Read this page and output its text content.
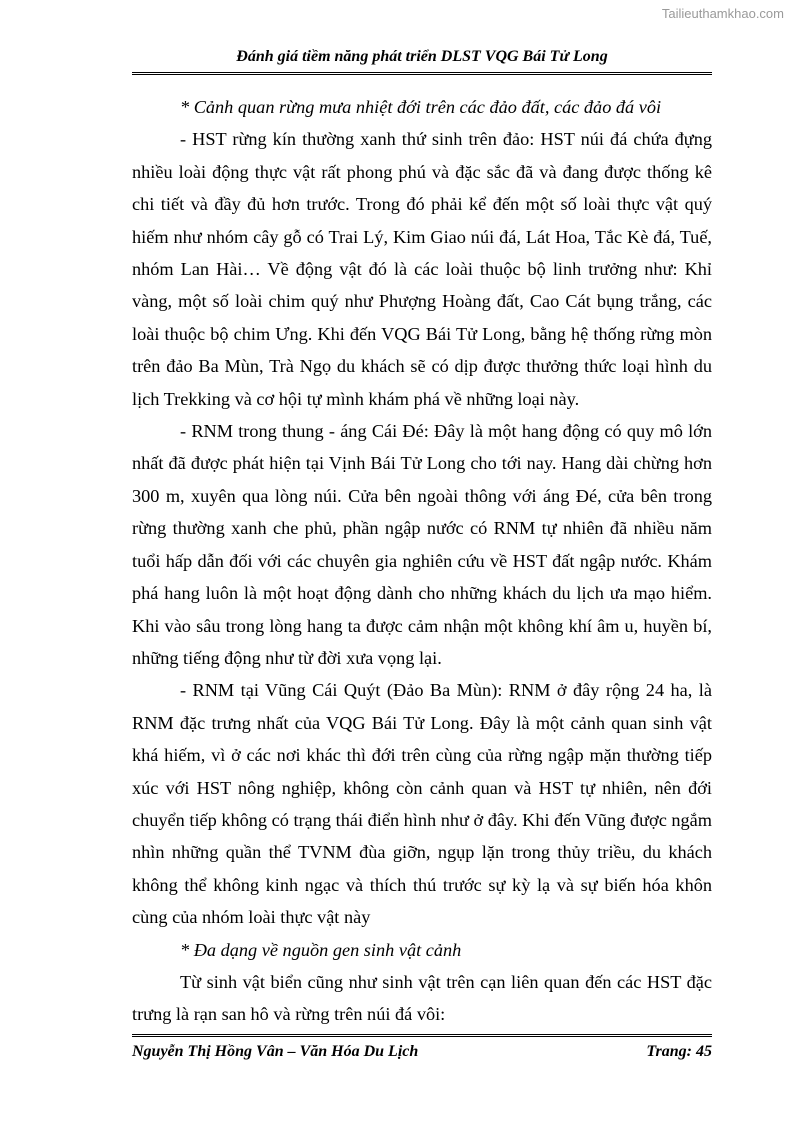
Tailieuthamkhao.com
Đánh giá tiềm năng phát triển DLST VQG Bái Tử Long

* Cảnh quan rừng mưa nhiệt đới trên các đảo đất, các đảo đá vôi

- HST rừng kín thường xanh thứ sinh trên đảo: HST núi đá chứa đựng nhiều loài động thực vật rất phong phú và đặc sắc đã và đang được thống kê chi tiết và đầy đủ hơn trước. Trong đó phải kể đến một số loài thực vật quý hiếm như nhóm cây gỗ có Trai Lý, Kim Giao núi đá, Lát Hoa, Tắc Kè đá, Tuế, nhóm Lan Hài… Về động vật đó là các loài thuộc bộ linh trưởng như: Khỉ vàng, một số loài chim quý như Phượng Hoàng đất, Cao Cát bụng trắng, các loài thuộc bộ chim Ưng. Khi đến VQG Bái Tử Long, bằng hệ thống rừng mòn trên đảo Ba Mùn, Trà Ngọ du khách sẽ có dịp được thưởng thức loại hình du lịch Trekking và cơ hội tự mình khám phá về những loại này.

- RNM trong thung - áng Cái Đé: Đây là một hang động có quy mô lớn nhất đã được phát hiện tại Vịnh Bái Tử Long cho tới nay. Hang dài chừng hơn 300 m, xuyên qua lòng núi. Cửa bên ngoài thông với áng Đé, cửa bên trong rừng thường xanh che phủ, phần ngập nước có RNM tự nhiên đã nhiều năm tuổi hấp dẫn đối với các chuyên gia nghiên cứu về HST đất ngập nước. Khám phá hang luôn là một hoạt động dành cho những khách du lịch ưa mạo hiểm. Khi vào sâu trong lòng hang ta được cảm nhận một không khí âm u, huyền bí, những tiếng động như từ đời xưa vọng lại.

- RNM tại Vũng Cái Quýt (Đảo Ba Mùn): RNM ở đây rộng 24 ha, là RNM đặc trưng nhất của VQG Bái Tử Long. Đây là một cảnh quan sinh vật khá hiếm, vì ở các nơi khác thì đới trên cùng của rừng ngập mặn thường tiếp xúc với HST nông nghiệp, không còn cảnh quan và HST tự nhiên, nên đới chuyển tiếp không có trạng thái điển hình như ở đây. Khi đến Vũng được ngắm nhìn những quần thể TVNM đùa giỡn, ngụp lặn trong thủy triều, du khách không thể không kinh ngạc và thích thú trước sự kỳ lạ và sự biến hóa khôn cùng của nhóm loài thực vật này

* Đa dạng về nguồn gen sinh vật cảnh

Từ sinh vật biển cũng như sinh vật trên cạn liên quan đến các HST đặc trưng là rạn san hô và rừng trên núi đá vôi:

Nguyễn Thị Hồng Vân – Văn Hóa Du Lịch	Trang: 45
